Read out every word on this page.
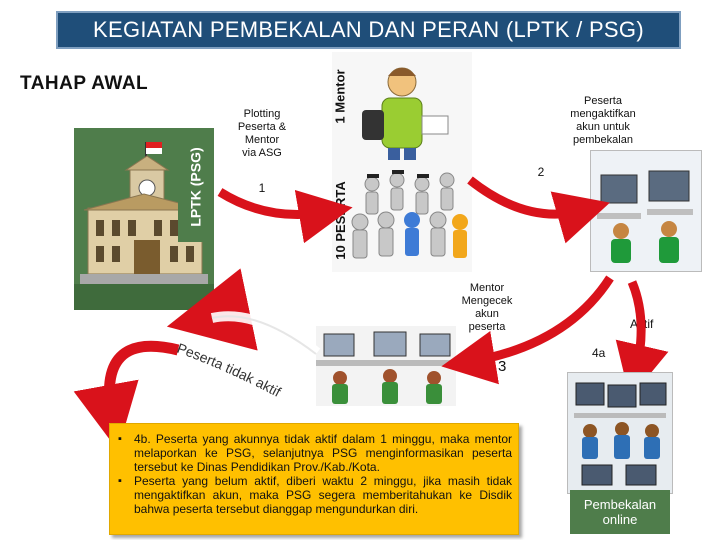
KEGIATAN PEMBEKALAN DAN PERAN (LPTK / PSG)
TAHAP AWAL
LPTK (PSG)
Plotting
Peserta &
Mentor
via ASG
1
1 Mentor
10 PESERTA
Peserta
mengaktifkan
akun untuk
pembekalan
2
Mentor
Mengecek
akun
peserta
3
Aktif
4a
4b
Peserta tidak aktif
▪ 4b. Peserta yang akunnya tidak aktif dalam 1 minggu, maka mentor melaporkan ke PSG, selanjutnya PSG menginformasikan peserta tersebut ke Dinas Pendidikan Prov./Kab./Kota.
▪ Peserta yang belum aktif, diberi waktu 2 minggu, jika masih tidak mengaktifkan akun, maka PSG segera memberitahukan ke Disdik bahwa peserta tersebut dianggap mengundurkan diri.	Pembekalan
online
